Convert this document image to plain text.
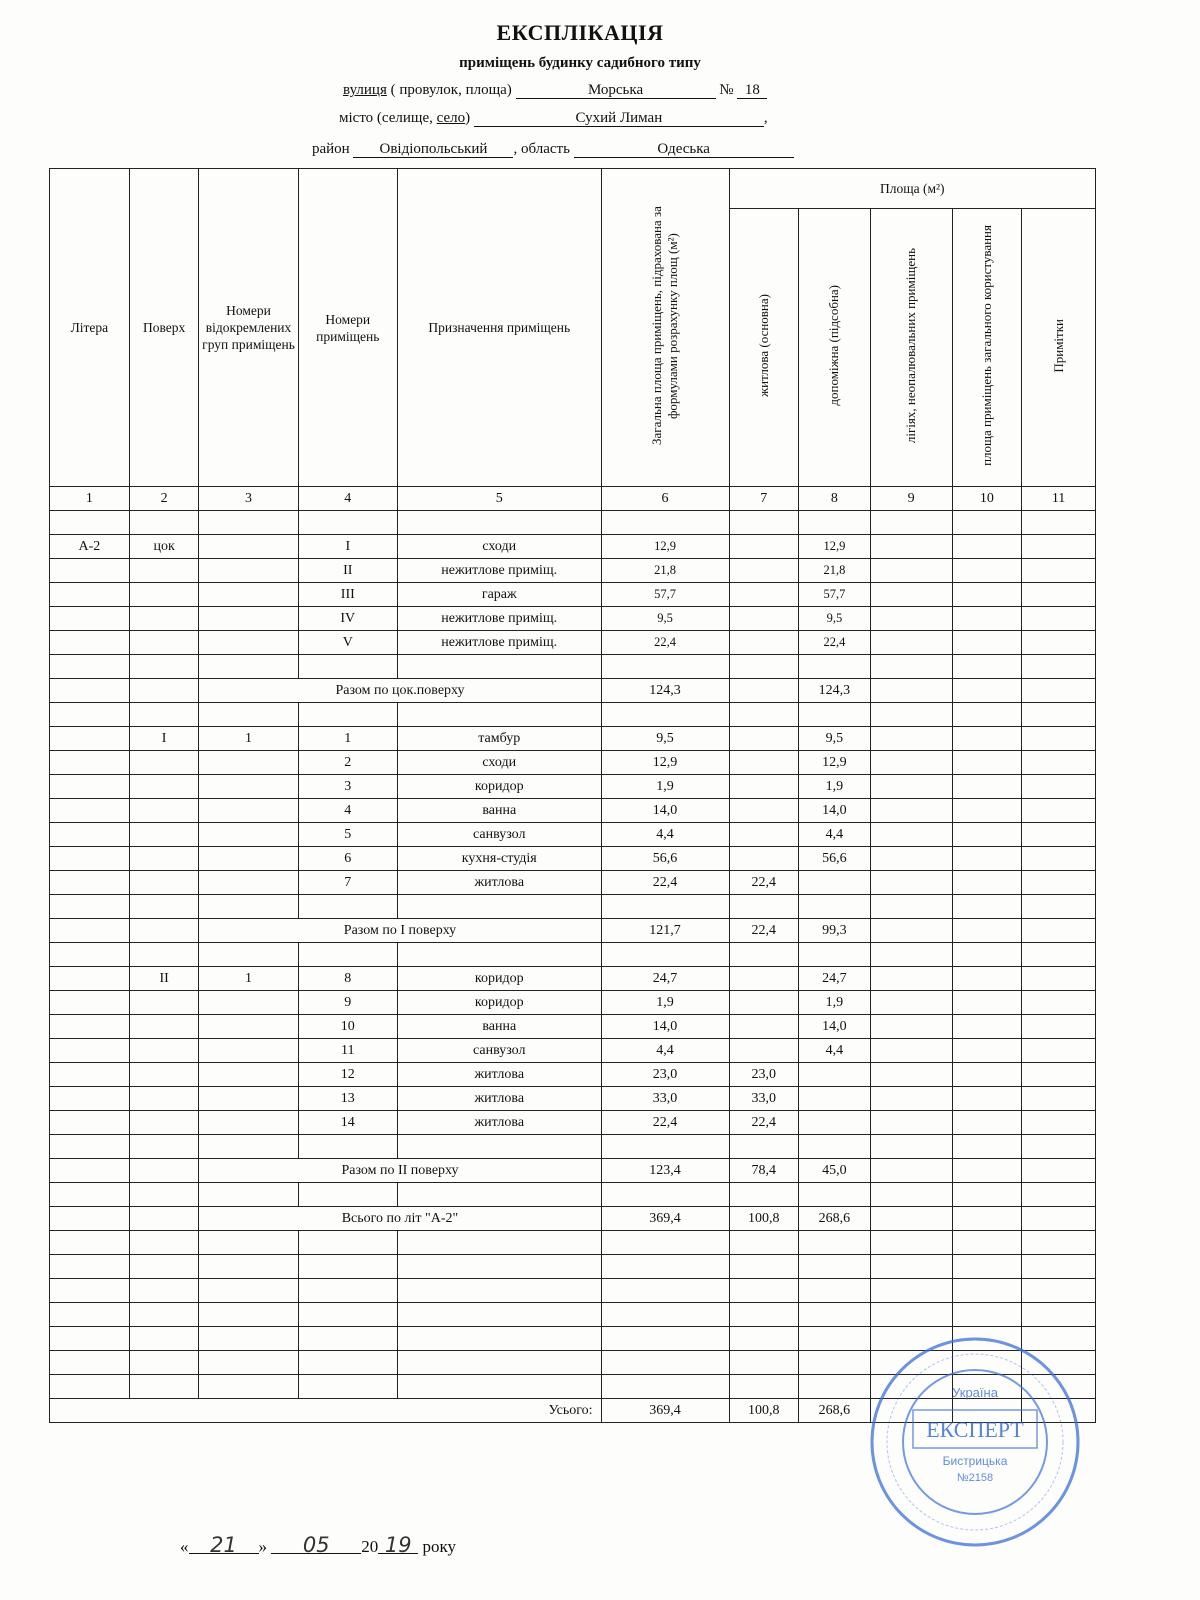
ЕКСПЛІКАЦІЯ
приміщень будинку садибного типу
вулиця ( провулок, площа)	Морська	№ 18
місто (селище, село)	Сухий Лиман	,
район Овідіопольський , область	Одеська
Літера	Поверх	Номери відокремлених груп приміщень	Номери приміщень	Призначення приміщень	Загальна площа приміщень, підрахована за формулами розрахунку площ (м²)	Площа (м²)				
						житлова (основна)	допоміжна (підсобна)	лігіях, неопалювальних приміщень	площа приміщень загального користування	Примітки
1	2	3	4	5	6	7	8	9	10	11

А-2	цок		I	сходи	12,9		12,9			
			II	нежитлове приміщ.	21,8		21,8			
			III	гараж	57,7		57,7			
			IV	нежитлове приміщ.	9,5		9,5			
			V	нежитлове приміщ.	22,4		22,4			

		Разом по цок.поверху			124,3		124,3			

	I	1	1	тамбур	9,5		9,5			
			2	сходи	12,9		12,9			
			3	коридор	1,9		1,9			
			4	ванна	14,0		14,0			
			5	санвузол	4,4		4,4			
			6	кухня-студія	56,6		56,6			
			7	житлова	22,4	22,4				

		Разом по I поверху			121,7	22,4	99,3			

	II	1	8	коридор	24,7		24,7			
			9	коридор	1,9		1,9			
			10	ванна	14,0		14,0			
			11	санвузол	4,4		4,4			
			12	житлова	23,0	23,0				
			13	житлова	33,0	33,0				
			14	житлова	22,4	22,4				

		Разом по II поверху			123,4	78,4	45,0			

		Всього по літ "А-2"			369,4	100,8	268,6			

Усього:					369,4	100,8	268,6			
« 21 » 05 20 19 року
Україна
ЕКСПЕРТ
Бистрицька
№2158
